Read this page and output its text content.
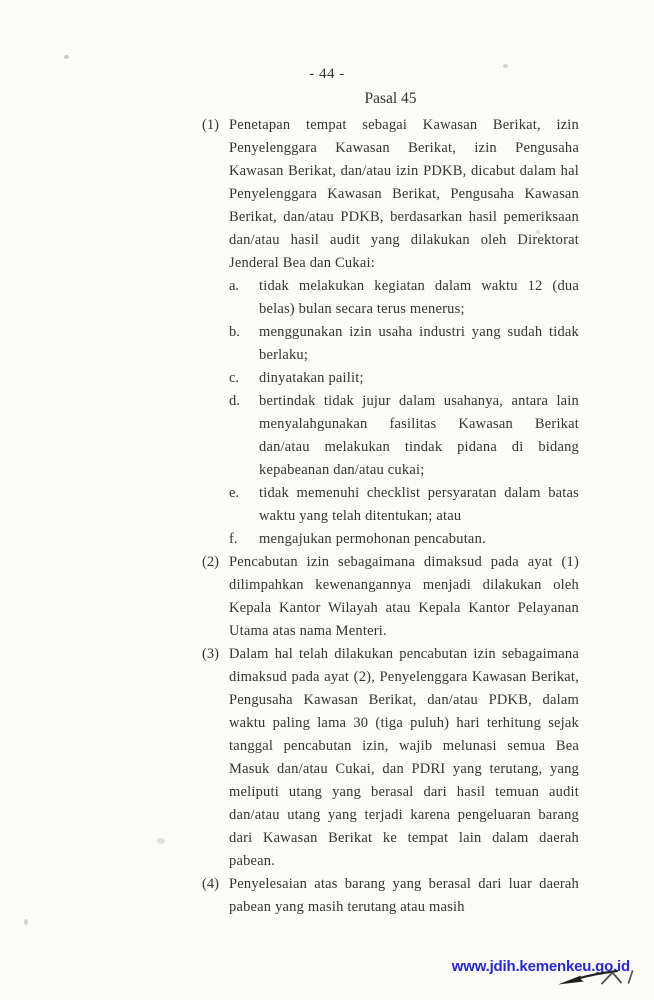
- 44 -
Pasal 45
(1) Penetapan tempat sebagai Kawasan Berikat, izin Penyelenggara Kawasan Berikat, izin Pengusaha Kawasan Berikat, dan/atau izin PDKB, dicabut dalam hal Penyelenggara Kawasan Berikat, Pengusaha Kawasan Berikat, dan/atau PDKB, berdasarkan hasil pemeriksaan dan/atau hasil audit yang dilakukan oleh Direktorat Jenderal Bea dan Cukai:

a.	tidak melakukan kegiatan dalam waktu 12 (dua belas) bulan secara terus menerus;

b.	menggunakan izin usaha industri yang sudah tidak berlaku;

c.	dinyatakan pailit;

d.	bertindak tidak jujur dalam usahanya, antara lain menyalahgunakan fasilitas Kawasan Berikat dan/atau melakukan tindak pidana di bidang kepabeanan dan/atau cukai;

e.	tidak memenuhi checklist persyaratan dalam batas waktu yang telah ditentukan; atau

f.	mengajukan permohonan pencabutan.

(2) Pencabutan izin sebagaimana dimaksud pada ayat (1) dilimpahkan kewenangannya menjadi dilakukan oleh Kepala Kantor Wilayah atau Kepala Kantor Pelayanan Utama atas nama Menteri.

(3) Dalam hal telah dilakukan pencabutan izin sebagaimana dimaksud pada ayat (2), Penyelenggara Kawasan Berikat, Pengusaha Kawasan Berikat, dan/atau PDKB, dalam waktu paling lama 30 (tiga puluh) hari terhitung sejak tanggal pencabutan izin, wajib melunasi semua Bea Masuk dan/atau Cukai, dan PDRI yang terutang, yang meliputi utang yang berasal dari hasil temuan audit dan/atau utang yang terjadi karena pengeluaran barang dari Kawasan Berikat ke tempat lain dalam daerah pabean.

(4) Penyelesaian atas barang yang berasal dari luar daerah pabean yang masih terutang atau masih

www.jdih.kemenkeu.go.id
